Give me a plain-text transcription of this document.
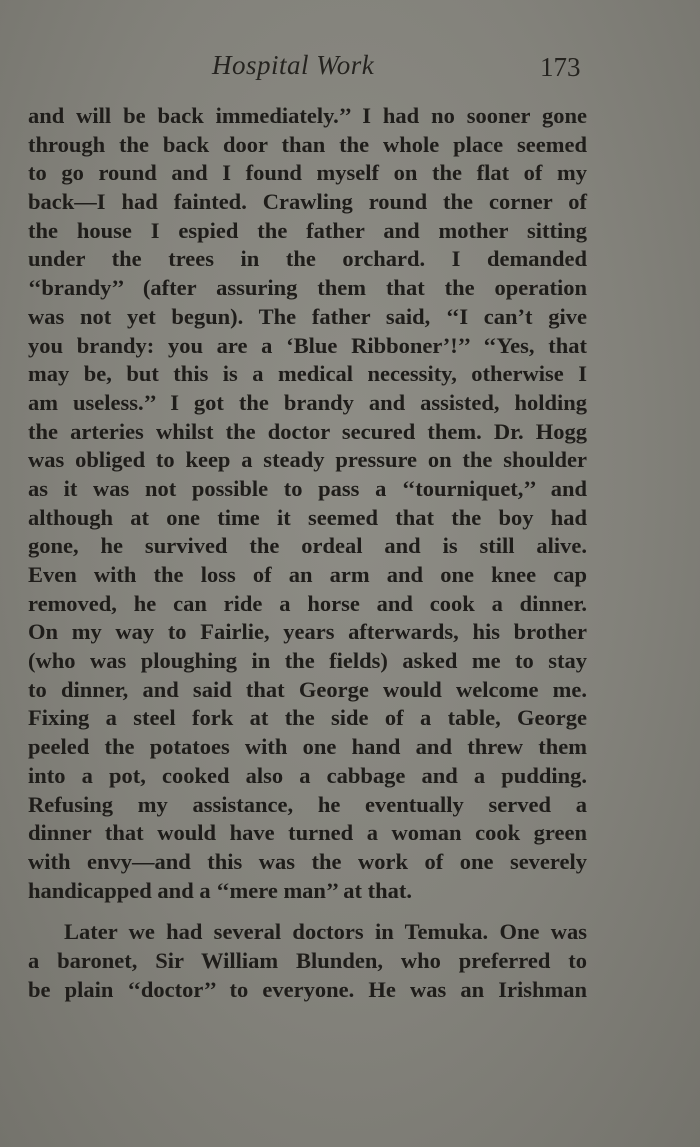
Hospital Work	173
and will be back immediately.’’ I had no sooner gone
through the back door than the whole place seemed
to go round and I found myself on the flat of my
back—I had fainted. Crawling round the corner of
the house I espied the father and mother sitting
under the trees in the orchard. I demanded
‘‘brandy’’ (after assuring them that the operation
was not yet begun). The father said, ‘‘I can’t give
you brandy: you are a ‘Blue Ribboner’!’’ ‘‘Yes, that
may be, but this is a medical necessity, otherwise I
am useless.’’ I got the brandy and assisted, holding
the arteries whilst the doctor secured them. Dr. Hogg
was obliged to keep a steady pressure on the shoulder
as it was not possible to pass a ‘‘tourniquet,’’ and
although at one time it seemed that the boy had
gone, he survived the ordeal and is still alive.
Even with the loss of an arm and one knee cap
removed, he can ride a horse and cook a dinner.
On my way to Fairlie, years afterwards, his brother
(who was ploughing in the fields) asked me to stay
to dinner, and said that George would welcome me.
Fixing a steel fork at the side of a table, George
peeled the potatoes with one hand and threw them
into a pot, cooked also a cabbage and a pudding.
Refusing my assistance, he eventually served a
dinner that would have turned a woman cook green
with envy—and this was the work of one severely
handicapped and a ‘‘mere man’’ at that.
Later we had several doctors in Temuka. One was
a baronet, Sir William Blunden, who preferred to
be plain ‘‘doctor’’ to everyone. He was an Irishman
